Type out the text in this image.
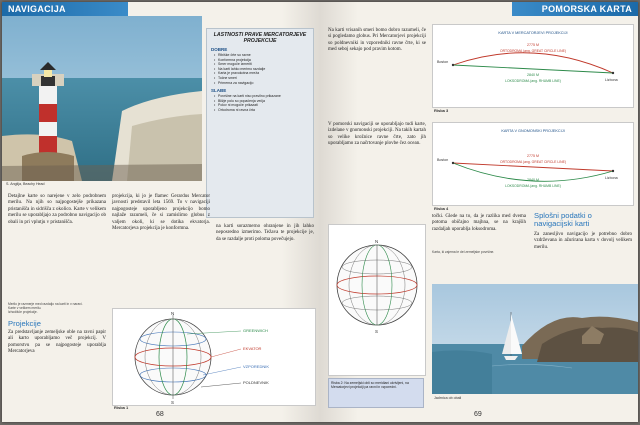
NAVIGACIJA
S. Anglija, Beachy Head
LASTNOSTI PRAVE MERCATORJEVE PROJEKCIJE
DOBRE
• Ribiške črte so ravne
• Konformna projekcija
• Smer mogoče izmeriti
• Na karti lahko merimo razdalje
• Karta je pravokotna mreža
• Točne smeri
• Primerna za navigacijo
SLABE
• Površine na karti niso pravilno prikazane
• Bližje polu so popačenja večja
• Polov ni mogoče prikazati
• Ortodroma ni ravna črta

Detajlne karte so narejene v zelo podrobnem merilu. Na njih so najpogostejše prikazana pristanišča in sidrišča z okolico. Karte v velikem merilu se uporabljajo za podrobno navigacijo ob obali in pri vplutju v pristanišča.

projekcija, ki jo je flamec Gerardus Mercator javnosti predstavil leta 1569. To v navigaciji najpogosteje uporabljeno projekcijo bomo najlaže razumeli, če si zamislimo globus z valjem okoli, ki se dotika ekvatorja. Mercatorjeva projekcija je konformna.	na karti sorazmerno ohranjene in jih lahko neposredno izmerimo. Težava te projekcije je, da se razdalje proti poloma povečujejo.

Merilo je razmerje med razdaljo na karti in v naravi.
Karte v velikem merilu.
Izhodišče projekcije.
Projekcije

Za predstavljanje zemeljske oble na ravni papir ali karto uporabljamo več projekcij. V pomorstvu pa se najpogosteje uporablja Mercatorjeva

N
S
GREENWICH
EKVATOR
VZPOREDNIK
POLDNEVNIK
Risba 1
68
POMORSKA KARTA

Na karti vrisanih smeri bomo dobro razumeli, če si pogledamo globus. Pri Mercatorjevi projekciji so poldnevniki in vzporedniki ravne črte, ki se med seboj sekajo pod pravim kotom.

V pomorski navigaciji se uporabljajo tudi karte, izdelane v gnomonski projekciji. Na takih kartah so velike krožnice ravne črte, zato jih uporabljamo za načrtovanje plovbe čez ocean.

KARTA V MERCATORJEVI PROJEKCIJI
2775 M
ORTODROMA (ang. GREAT CIRCLE LINE)
2840 M
LOKSODROMA (ang. RHUMB LINE)
Boston
Lizbona
Risba 3
KARTA V GNOMONSKI PROJEKCIJI
2775 M
ORTODROMA (ang. GREAT CIRCLE LINE)
2840 M
LOKSODROMA (ang. RHUMB LINE)
Boston
Lizbona
Risba 4

točki. Glede na to, da je razlika med dvema potoma običajno majhna, se na krajših razdaljah uporablja loksodroma.

Karta, ki zajema le del zemeljske površine.
Splošni podatki o navigacijski karti

Za zanesljivo navigacijo je potrebno dobro vzdrževana in ažurirana karta v dovolj velikem merilu.

N
S
Risba 2: Na zemeljski obli so meridiani ukrivljeni, na Mercatorjevi projekciji pa ravni in vzporedni.
Jadrnica ob obali
69
